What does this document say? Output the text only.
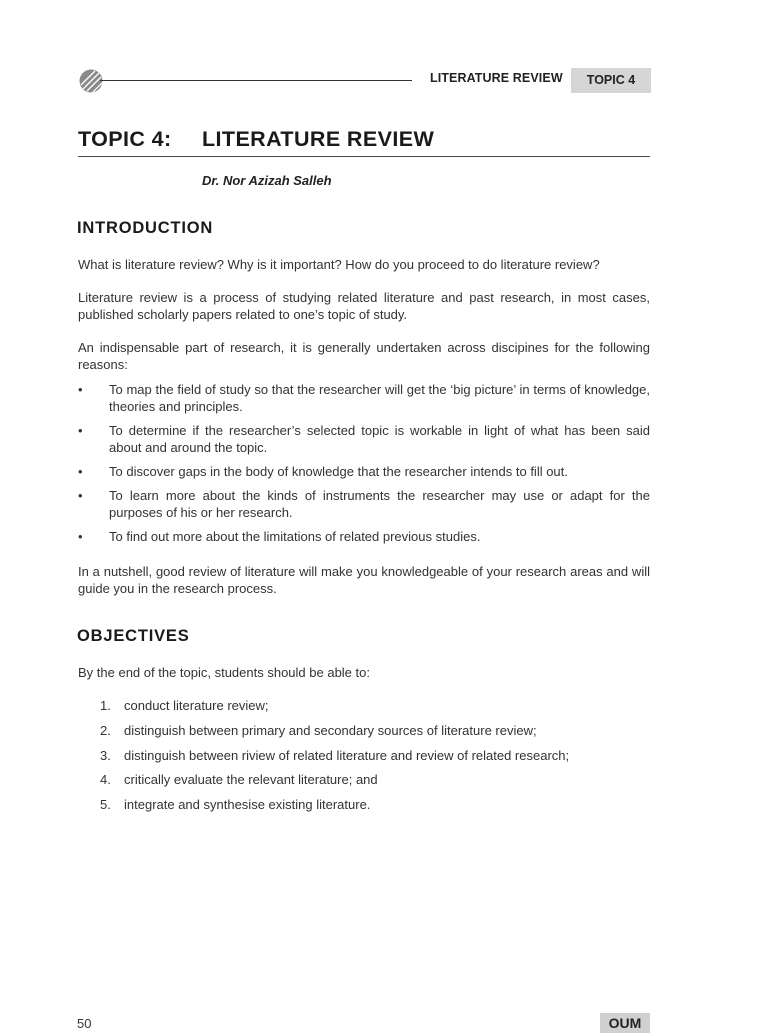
LITERATURE REVIEW	TOPIC 4
TOPIC 4: LITERATURE REVIEW
Dr. Nor Azizah Salleh
INTRODUCTION

What is literature review? Why is it important? How do you proceed to do literature review?

Literature review is a process of studying related literature and past research, in most cases, published scholarly papers related to one’s topic of study.

An indispensable part of research, it is generally undertaken across discipines for the following reasons:

• To map the field of study so that the researcher will get the ‘big picture’ in terms of knowledge, theories and principles.
• To determine if the researcher’s selected topic is workable in light of what has been said about and around the topic.
• To discover gaps in the body of knowledge that the researcher intends to fill out.
• To learn more about the kinds of instruments the researcher may use or adapt for the purposes of his or her research.
• To find out more about the limitations of related previous studies.

In a nutshell, good review of literature will make you knowledgeable of your research areas and will guide you in the research process.

OBJECTIVES

By the end of the topic, students should be able to:

1. conduct literature review;
2. distinguish between primary and secondary sources of literature review;
3. distinguish between riview of related literature and review of related research;
4. critically evaluate the relevant literature; and
5. integrate and synthesise existing literature.
50	OUM
